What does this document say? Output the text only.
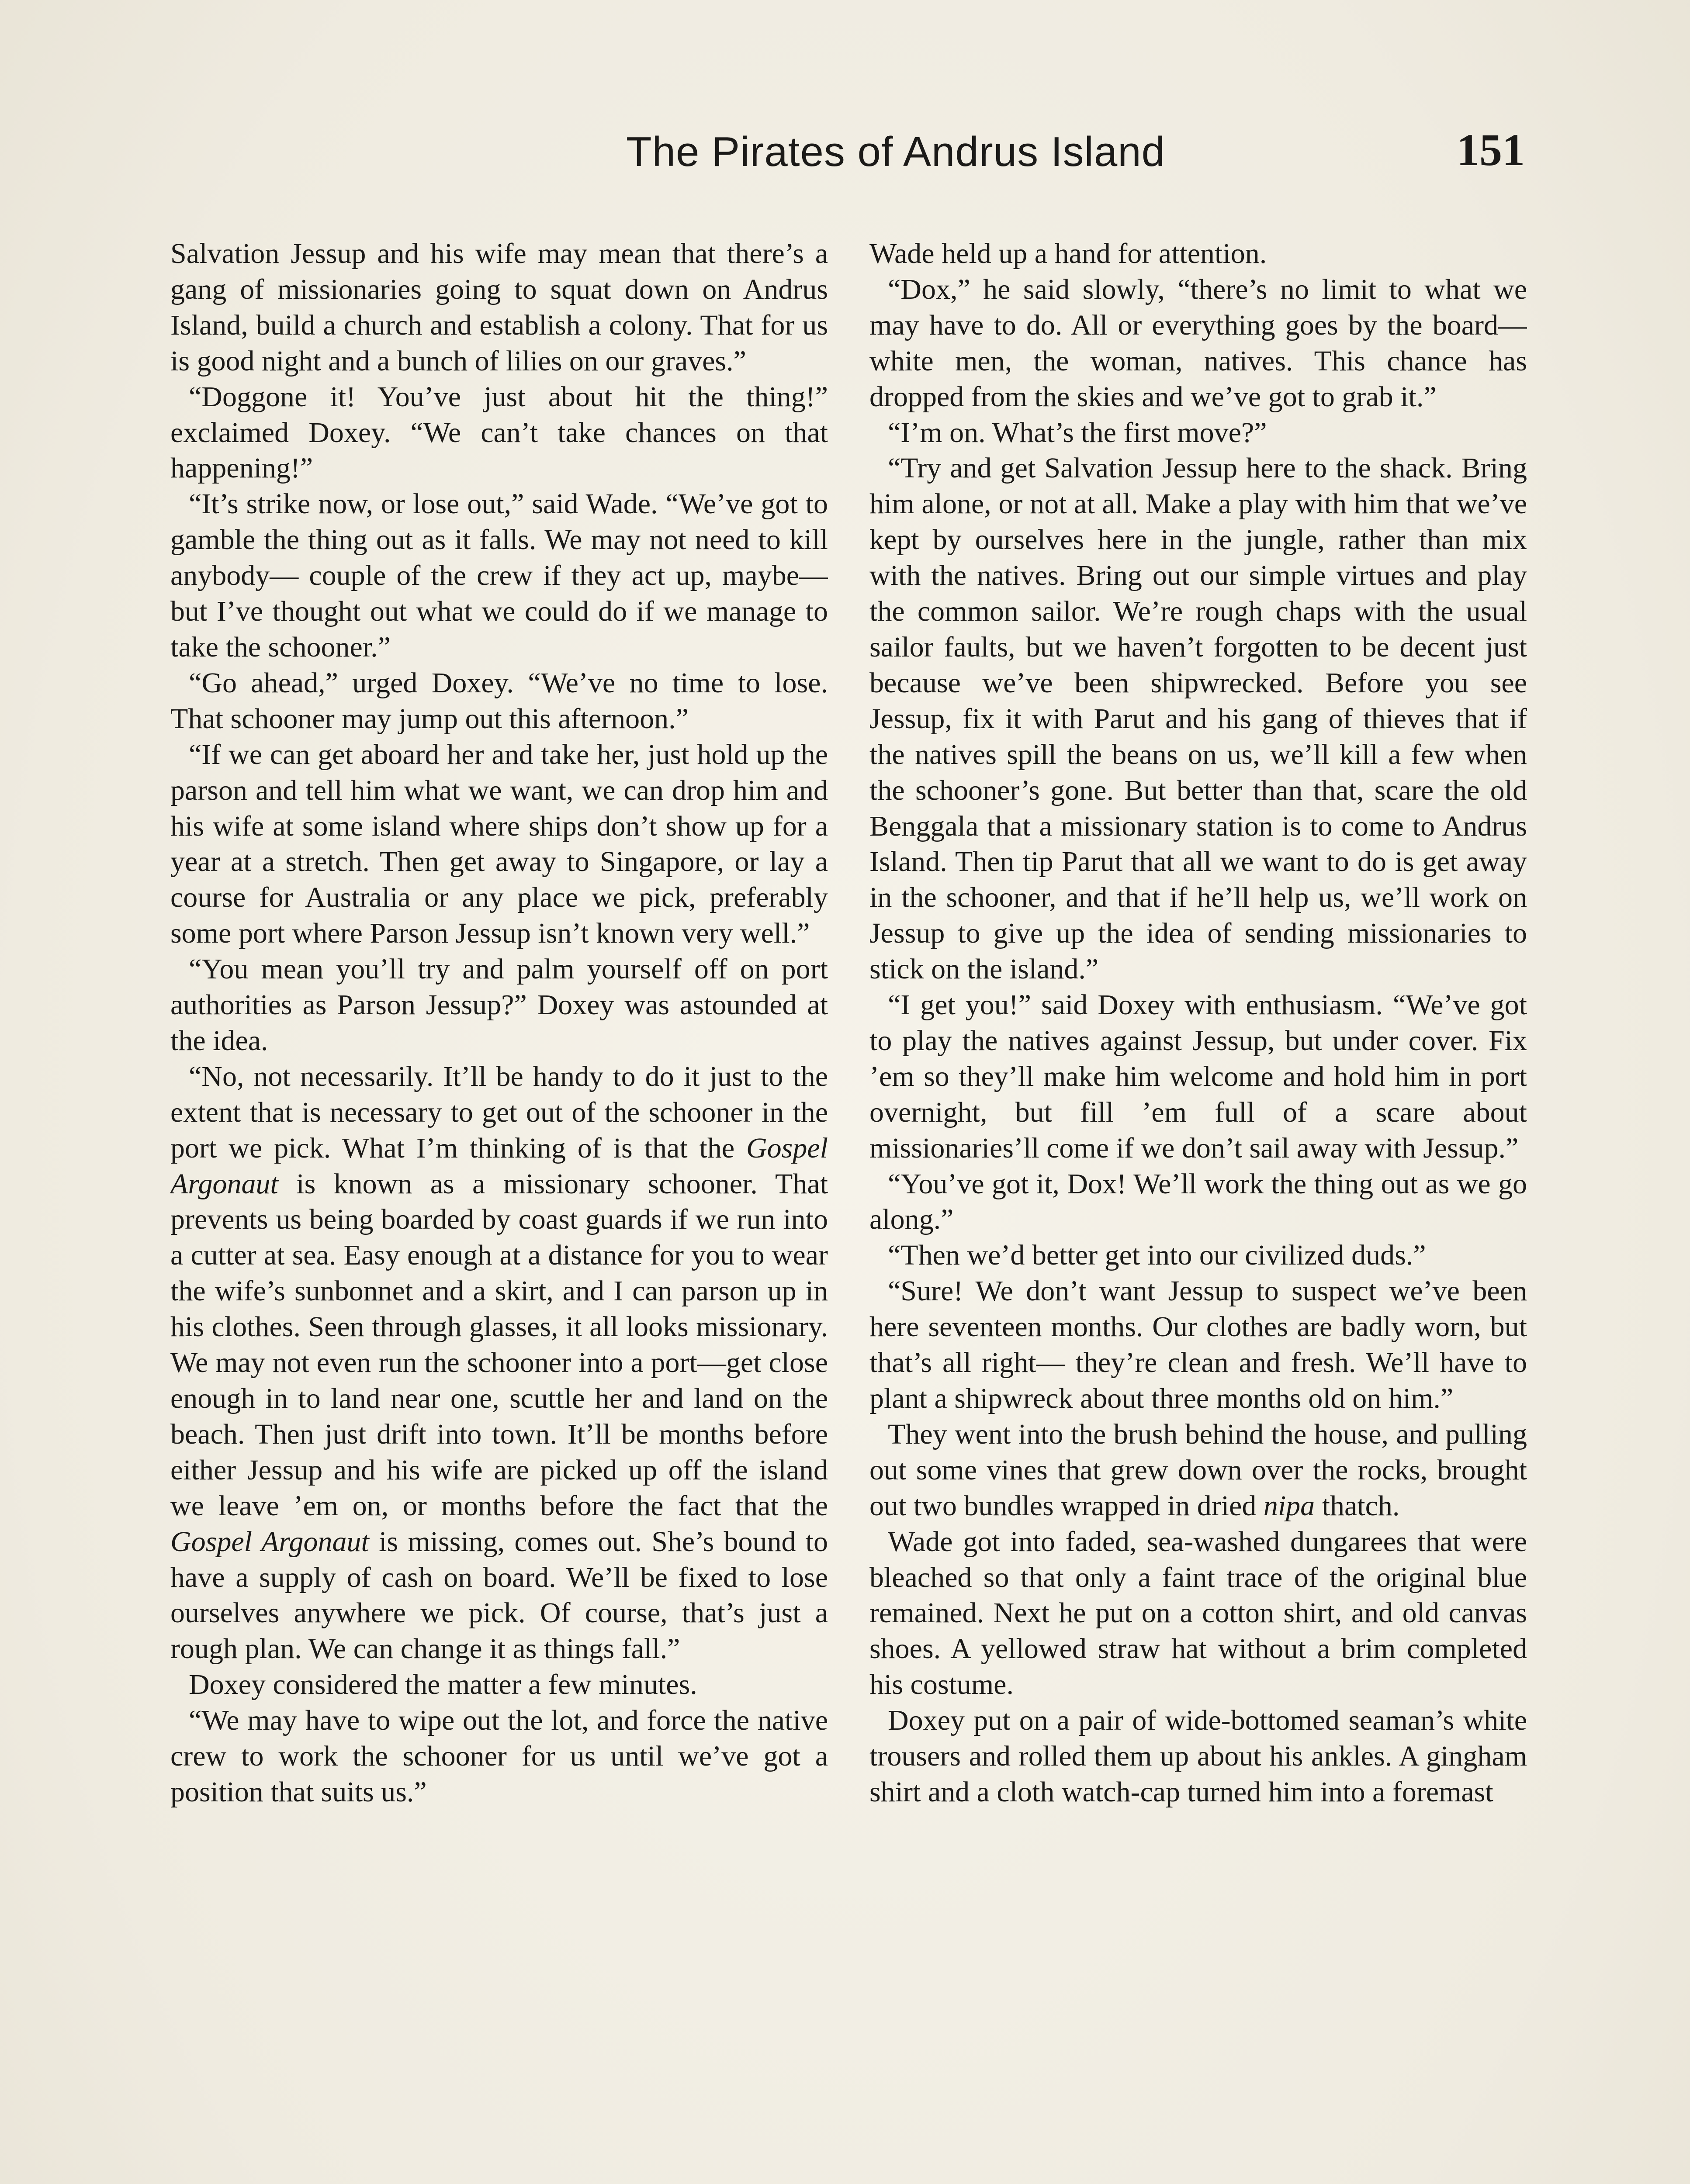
The Pirates of Andrus Island	151

Salvation Jessup and his wife may mean that there’s a gang of missionaries going to squat down on Andrus Island, build a church and establish a colony. That for us is good night and a bunch of lilies on our graves.”

“Doggone it! You’ve just about hit the thing!” exclaimed Doxey. “We can’t take chances on that happening!”

“It’s strike now, or lose out,” said Wade. “We’ve got to gamble the thing out as it falls. We may not need to kill anybody— couple of the crew if they act up, maybe— but I’ve thought out what we could do if we manage to take the schooner.”

“Go ahead,” urged Doxey. “We’ve no time to lose. That schooner may jump out this afternoon.”

“If we can get aboard her and take her, just hold up the parson and tell him what we want, we can drop him and his wife at some island where ships don’t show up for a year at a stretch. Then get away to Singapore, or lay a course for Australia or any place we pick, preferably some port where Parson Jessup isn’t known very well.”

“You mean you’ll try and palm yourself off on port authorities as Parson Jessup?” Doxey was astounded at the idea.

“No, not necessarily. It’ll be handy to do it just to the extent that is necessary to get out of the schooner in the port we pick. What I’m thinking of is that the Gospel Argonaut is known as a missionary schooner. That prevents us being boarded by coast guards if we run into a cutter at sea. Easy enough at a distance for you to wear the wife’s sunbonnet and a skirt, and I can parson up in his clothes. Seen through glasses, it all looks missionary. We may not even run the schooner into a port—get close enough in to land near one, scuttle her and land on the beach. Then just drift into town. It’ll be months before either Jessup and his wife are picked up off the island we leave ’em on, or months before the fact that the Gospel Argonaut is missing, comes out. She’s bound to have a supply of cash on board. We’ll be fixed to lose ourselves anywhere we pick. Of course, that’s just a rough plan. We can change it as things fall.”

Doxey considered the matter a few minutes.

“We may have to wipe out the lot, and force the native crew to work the schooner for us until we’ve got a position that suits us.”

Wade held up a hand for attention.

“Dox,” he said slowly, “there’s no limit to what we may have to do. All or everything goes by the board—white men, the woman, natives. This chance has dropped from the skies and we’ve got to grab it.”

“I’m on. What’s the first move?”

“Try and get Salvation Jessup here to the shack. Bring him alone, or not at all. Make a play with him that we’ve kept by ourselves here in the jungle, rather than mix with the natives. Bring out our simple virtues and play the common sailor. We’re rough chaps with the usual sailor faults, but we haven’t forgotten to be decent just because we’ve been shipwrecked. Before you see Jessup, fix it with Parut and his gang of thieves that if the natives spill the beans on us, we’ll kill a few when the schooner’s gone. But better than that, scare the old Benggala that a missionary station is to come to Andrus Island. Then tip Parut that all we want to do is get away in the schooner, and that if he’ll help us, we’ll work on Jessup to give up the idea of sending missionaries to stick on the island.”

“I get you!” said Doxey with enthusiasm. “We’ve got to play the natives against Jessup, but under cover. Fix ’em so they’ll make him welcome and hold him in port overnight, but fill ’em full of a scare about missionaries’ll come if we don’t sail away with Jessup.”

“You’ve got it, Dox! We’ll work the thing out as we go along.”

“Then we’d better get into our civilized duds.”

“Sure! We don’t want Jessup to suspect we’ve been here seventeen months. Our clothes are badly worn, but that’s all right— they’re clean and fresh. We’ll have to plant a shipwreck about three months old on him.”

They went into the brush behind the house, and pulling out some vines that grew down over the rocks, brought out two bundles wrapped in dried nipa thatch.

Wade got into faded, sea-washed dungarees that were bleached so that only a faint trace of the original blue remained. Next he put on a cotton shirt, and old canvas shoes. A yellowed straw hat without a brim completed his costume.

Doxey put on a pair of wide-bottomed seaman’s white trousers and rolled them up about his ankles. A gingham shirt and a cloth watch-cap turned him into a foremast
